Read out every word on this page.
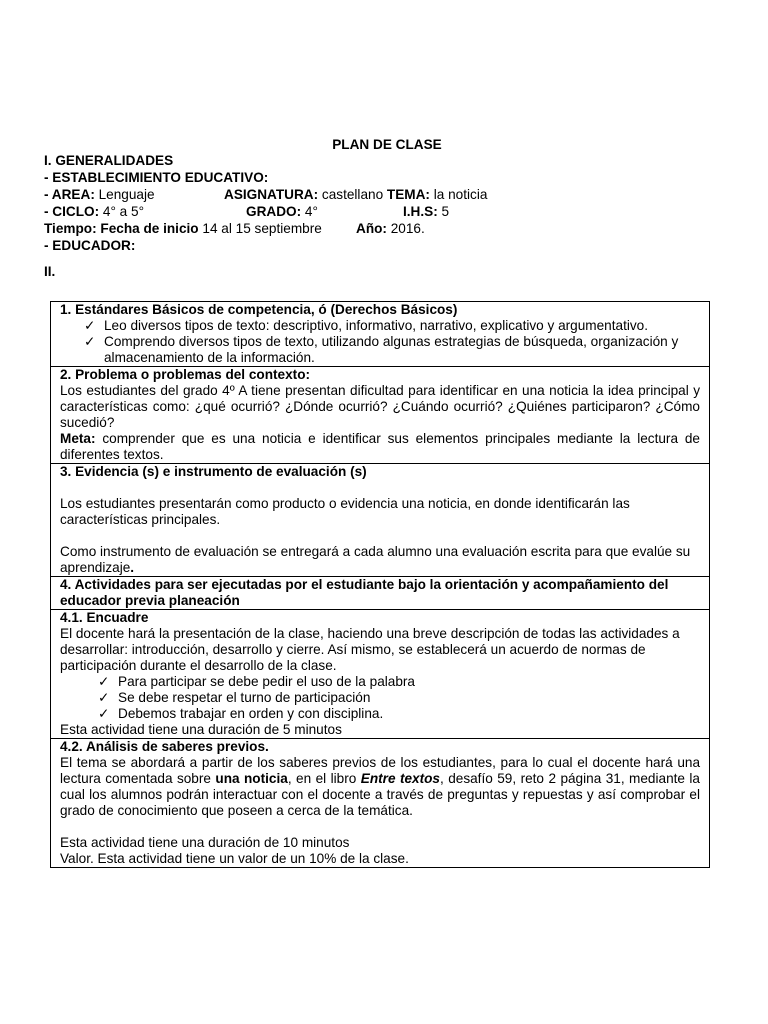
PLAN DE CLASE
I. GENERALIDADES
- ESTABLECIMIENTO EDUCATIVO:
- AREA: Lenguaje	ASIGNATURA: castellano TEMA: la noticia
- CICLO: 4° a 5°	GRADO: 4°	I.H.S: 5
Tiempo: Fecha de inicio 14 al 15 septiembre	Año: 2016.
- EDUCADOR:
II.
1. Estándares Básicos de competencia, ó (Derechos Básicos)
✓ Leo diversos tipos de texto: descriptivo, informativo, narrativo, explicativo y argumentativo.
✓ Comprendo diversos tipos de texto, utilizando algunas estrategias de búsqueda, organización y almacenamiento de la información.

2. Problema o problemas del contexto:

Los estudiantes del grado 4º A tiene presentan dificultad para identificar en una noticia la idea principal y características como: ¿qué ocurrió? ¿Dónde ocurrió? ¿Cuándo ocurrió? ¿Quiénes participaron? ¿Cómo sucedió?

Meta: comprender que es una noticia e identificar sus elementos principales mediante la lectura de diferentes textos.

3. Evidencia (s) e instrumento de evaluación (s)

Los estudiantes presentarán como producto o evidencia una noticia, en donde identificarán las características principales.

Como instrumento de evaluación se entregará a cada alumno una evaluación escrita para que evalúe su aprendizaje.

4. Actividades para ser ejecutadas por el estudiante bajo la orientación y acompañamiento del educador previa planeación

4.1. Encuadre

El docente hará la presentación de la clase, haciendo una breve descripción de todas las actividades a desarrollar: introducción, desarrollo y cierre. Así mismo, se establecerá un acuerdo de normas de participación durante el desarrollo de la clase.

✓ Para participar se debe pedir el uso de la palabra
✓ Se debe respetar el turno de participación
✓ Debemos trabajar en orden y con disciplina.

Esta actividad tiene una duración de 5 minutos

4.2. Análisis de saberes previos.

El tema se abordará a partir de los saberes previos de los estudiantes, para lo cual el docente hará una lectura comentada sobre una noticia, en el libro Entre textos, desafío 59, reto 2 página 31, mediante la cual los alumnos podrán interactuar con el docente a través de preguntas y repuestas y así comprobar el grado de conocimiento que poseen a cerca de la temática.

Esta actividad tiene una duración de 10 minutos

Valor. Esta actividad tiene un valor de un 10% de la clase.
